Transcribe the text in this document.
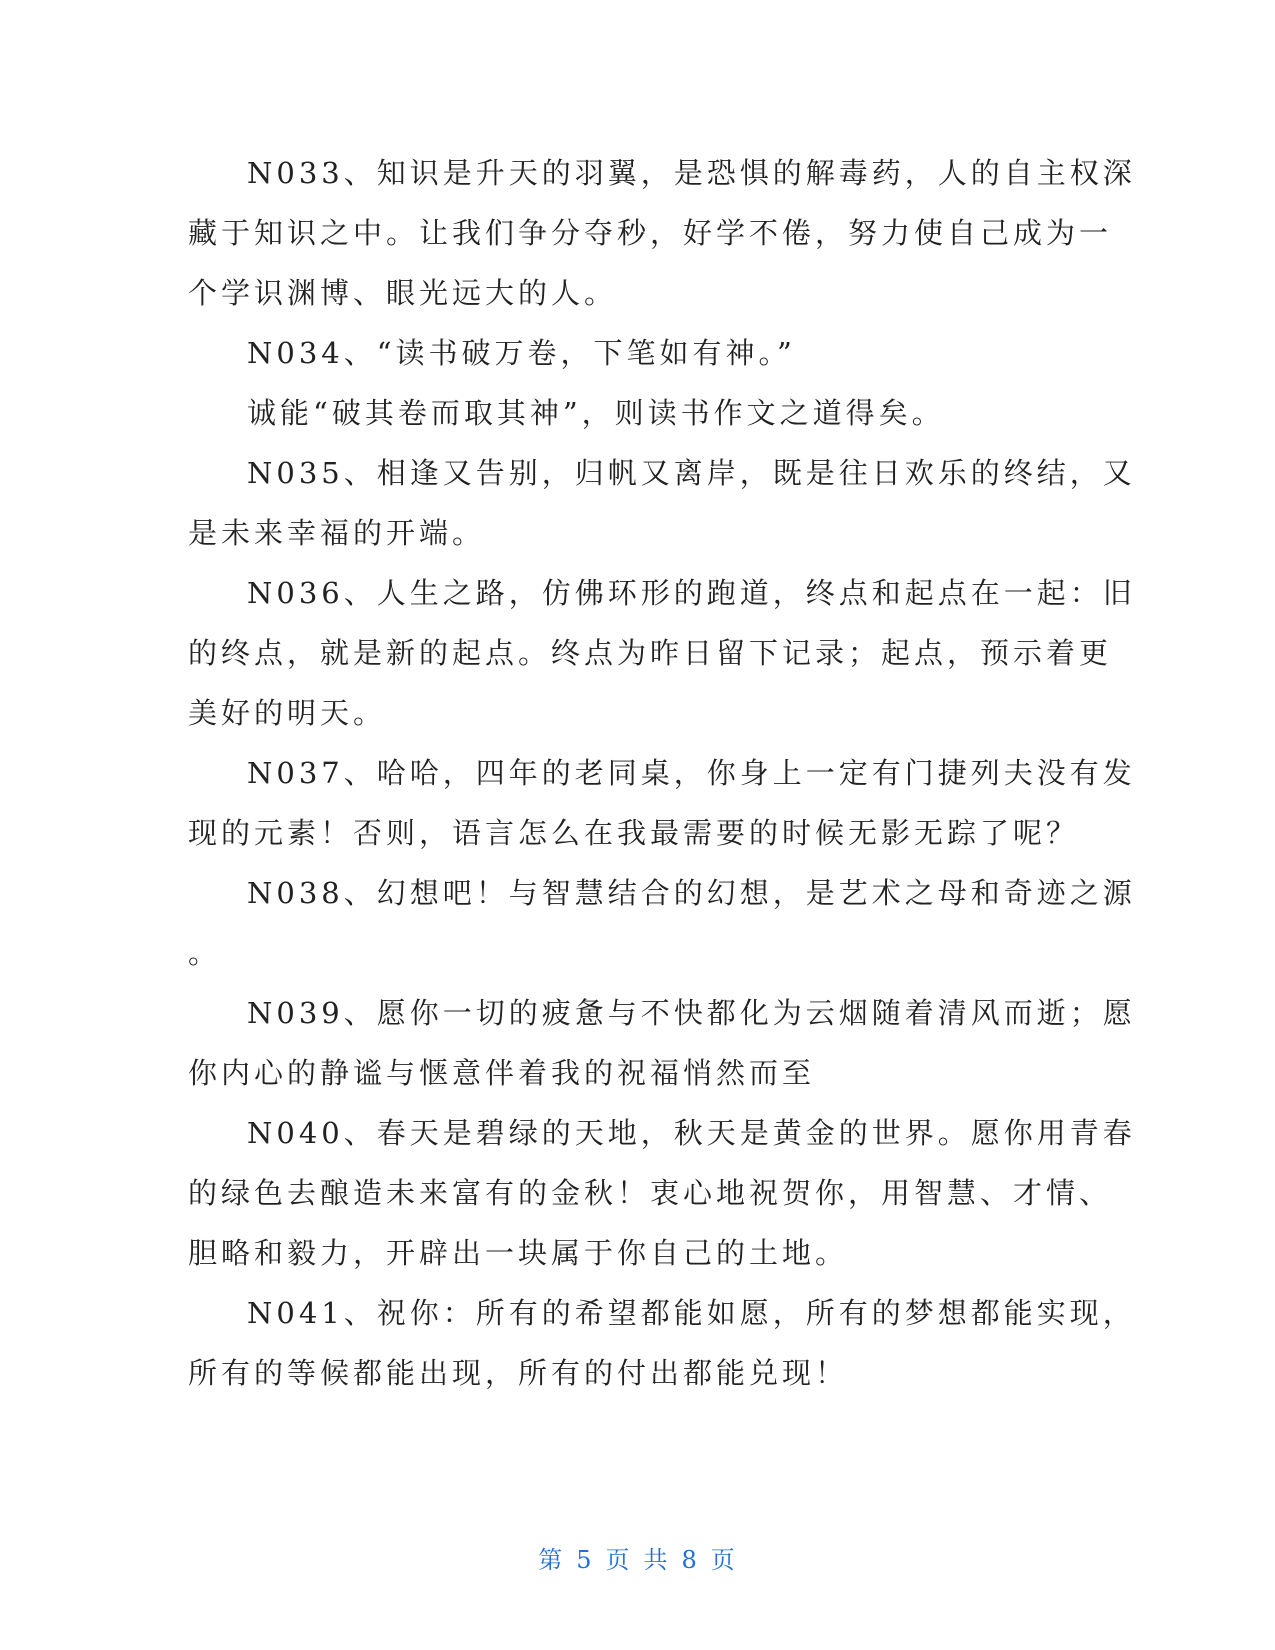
N033、知识是升天的羽翼，是恐惧的解毒药，人的自主权深
藏于知识之中。让我们争分夺秒，好学不倦，努力使自己成为一
个学识渊博、眼光远大的人。
N034、“读书破万卷，下笔如有神。”
诚能“破其卷而取其神”，则读书作文之道得矣。
N035、相逢又告别，归帆又离岸，既是往日欢乐的终结，又
是未来幸福的开端。
N036、人生之路，仿佛环形的跑道，终点和起点在一起：旧
的终点，就是新的起点。终点为昨日留下记录；起点，预示着更
美好的明天。
N037、哈哈，四年的老同桌，你身上一定有门捷列夫没有发
现的元素！否则，语言怎么在我最需要的时候无影无踪了呢？
N038、幻想吧！与智慧结合的幻想，是艺术之母和奇迹之源
。
N039、愿你一切的疲惫与不快都化为云烟随着清风而逝；愿
你内心的静谧与惬意伴着我的祝福悄然而至
N040、春天是碧绿的天地，秋天是黄金的世界。愿你用青春
的绿色去酿造未来富有的金秋！衷心地祝贺你，用智慧、才情、
胆略和毅力，开辟出一块属于你自己的土地。
N041、祝你：所有的希望都能如愿，所有的梦想都能实现，
所有的等候都能出现，所有的付出都能兑现！
第 5 页 共 8 页
